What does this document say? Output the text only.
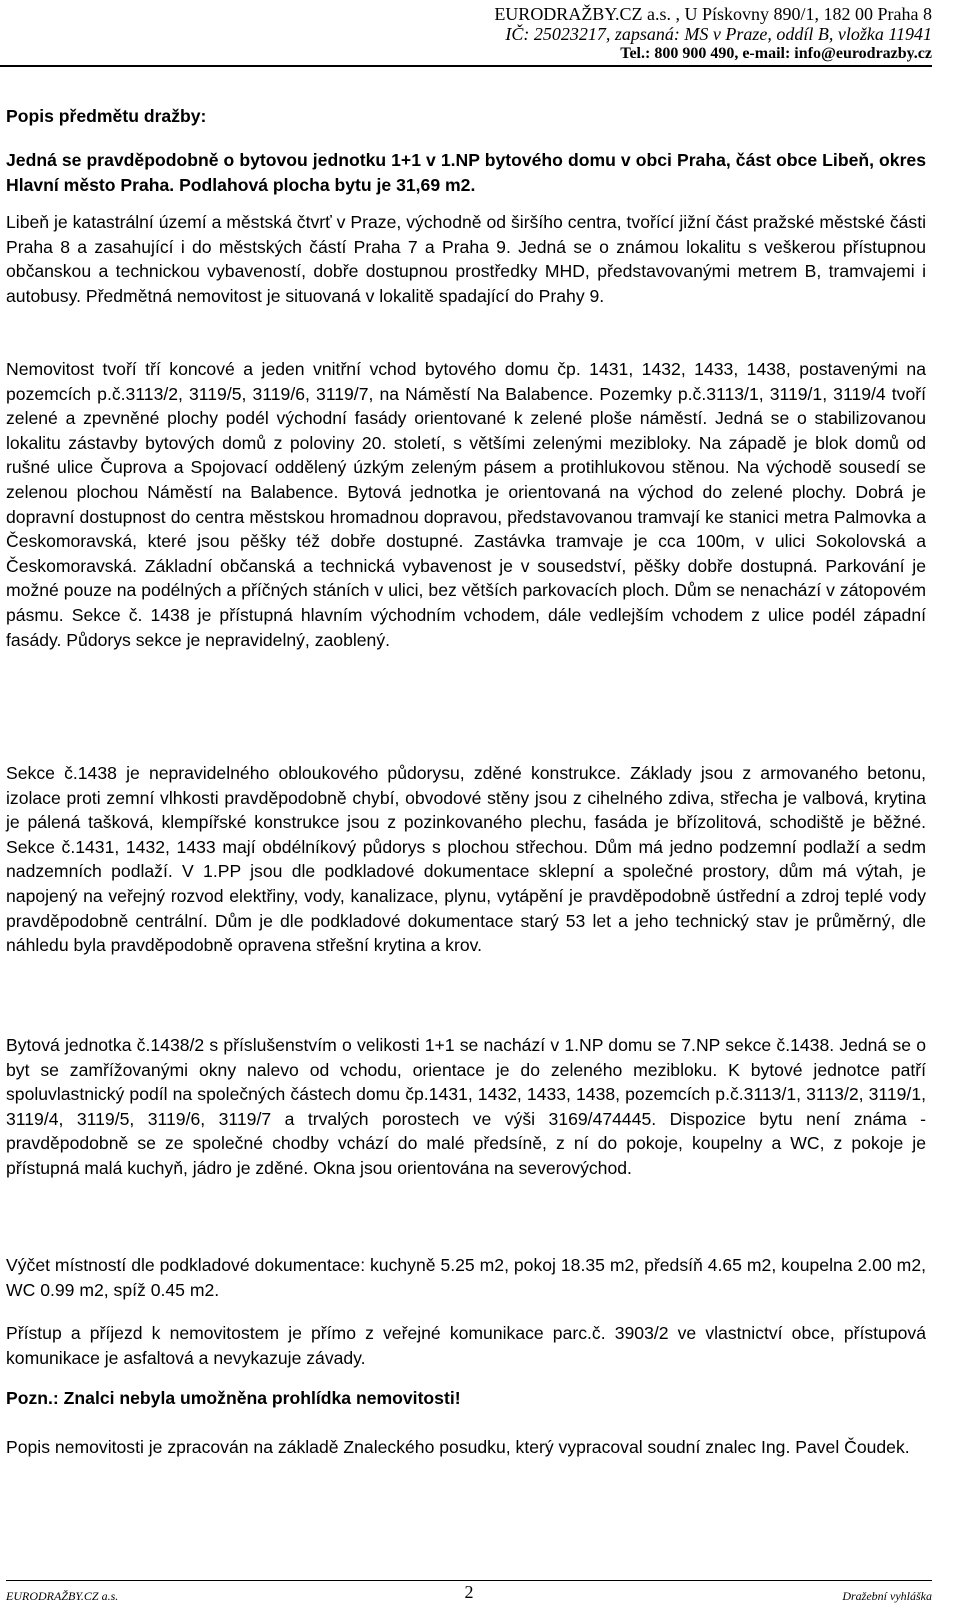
EURODRAŽBY.CZ a.s. , U Pískovny 890/1, 182 00 Praha 8
IČ: 25023217, zapsaná: MS v Praze, oddíl B, vložka 11941
Tel.: 800 900 490, e-mail: info@eurodrazby.cz
Popis předmětu dražby:

Jedná se pravděpodobně o bytovou jednotku 1+1 v 1.NP bytového domu v obci Praha, část obce Libeň, okres Hlavní město Praha. Podlahová plocha bytu je 31,69 m2.

Libeň je katastrální území a městská čtvrť v Praze, východně od širšího centra, tvořící jižní část pražské městské části Praha 8 a zasahující i do městských částí Praha 7 a Praha 9. Jedná se o známou lokalitu s veškerou přístupnou občanskou a technickou vybaveností, dobře dostupnou prostředky MHD, představovanými metrem B, tramvajemi i autobusy. Předmětná nemovitost je situovaná v lokalitě spadající do Prahy 9.

Nemovitost tvoří tří koncové a jeden vnitřní vchod bytového domu čp. 1431, 1432, 1433, 1438, postavenými na pozemcích p.č.3113/2, 3119/5, 3119/6, 3119/7, na Náměstí Na Balabence. Pozemky p.č.3113/1, 3119/1, 3119/4 tvoří zelené a zpevněné plochy podél východní fasády orientované k zelené ploše náměstí. Jedná se o stabilizovanou lokalitu zástavby bytových domů z poloviny 20. století, s většími zelenými mezibloky. Na západě je blok domů od rušné ulice Čuprova a Spojovací oddělený úzkým zeleným pásem a protihlukovou stěnou. Na východě sousedí se zelenou plochou Náměstí na Balabence. Bytová jednotka je orientovaná na východ do zelené plochy. Dobrá je dopravní dostupnost do centra městskou hromadnou dopravou, představovanou tramvají ke stanici metra Palmovka a Českomoravská, které jsou pěšky též dobře dostupné. Zastávka tramvaje je cca 100m, v ulici Sokolovská a Českomoravská. Základní občanská a technická vybavenost je v sousedství, pěšky dobře dostupná. Parkování je možné pouze na podélných a příčných stáních v ulici, bez větších parkovacích ploch. Dům se nenachází v zátopovém pásmu. Sekce č. 1438 je přístupná hlavním východním vchodem, dále vedlejším vchodem z ulice podél západní fasády. Půdorys sekce je nepravidelný, zaoblený.

Sekce č.1438 je nepravidelného obloukového půdorysu, zděné konstrukce. Základy jsou z armovaného betonu, izolace proti zemní vlhkosti pravděpodobně chybí, obvodové stěny jsou z cihelného zdiva, střecha je valbová, krytina je pálená tašková, klempířské konstrukce jsou z pozinkovaného plechu, fasáda je břízolitová, schodiště je běžné. Sekce č.1431, 1432, 1433 mají obdélníkový půdorys s plochou střechou. Dům má jedno podzemní podlaží a sedm nadzemních podlaží. V 1.PP jsou dle podkladové dokumentace sklepní a společné prostory, dům má výtah, je napojený na veřejný rozvod elektřiny, vody, kanalizace, plynu, vytápění je pravděpodobně ústřední a zdroj teplé vody pravděpodobně centrální. Dům je dle podkladové dokumentace starý 53 let a jeho technický stav je průměrný, dle náhledu byla pravděpodobně opravena střešní krytina a krov.

Bytová jednotka č.1438/2 s příslušenstvím o velikosti 1+1 se nachází v 1.NP domu se 7.NP sekce č.1438. Jedná se o byt se zamřížovanými okny nalevo od vchodu, orientace je do zeleného mezibloku. K bytové jednotce patří spoluvlastnický podíl na společných částech domu čp.1431, 1432, 1433, 1438, pozemcích p.č.3113/1, 3113/2, 3119/1, 3119/4, 3119/5, 3119/6, 3119/7 a trvalých porostech ve výši 3169/474445. Dispozice bytu není známa - pravděpodobně se ze společné chodby vchází do malé předsíně, z ní do pokoje, koupelny a WC, z pokoje je přístupná malá kuchyň, jádro je zděné. Okna jsou orientována na severovýchod.

Výčet místností dle podkladové dokumentace: kuchyně 5.25 m2, pokoj 18.35 m2, předsíň 4.65 m2, koupelna 2.00 m2, WC 0.99 m2, spíž 0.45 m2.

Přístup a příjezd k nemovitostem je přímo z veřejné komunikace parc.č. 3903/2 ve vlastnictví obce, přístupová komunikace je asfaltová a nevykazuje závady.

Pozn.: Znalci nebyla umožněna prohlídka nemovitosti!

Popis nemovitosti je zpracován na základě Znaleckého posudku, který vypracoval soudní znalec Ing. Pavel Čoudek.

EURODRAŽBY.CZ a.s.	2	Dražební vyhláška
